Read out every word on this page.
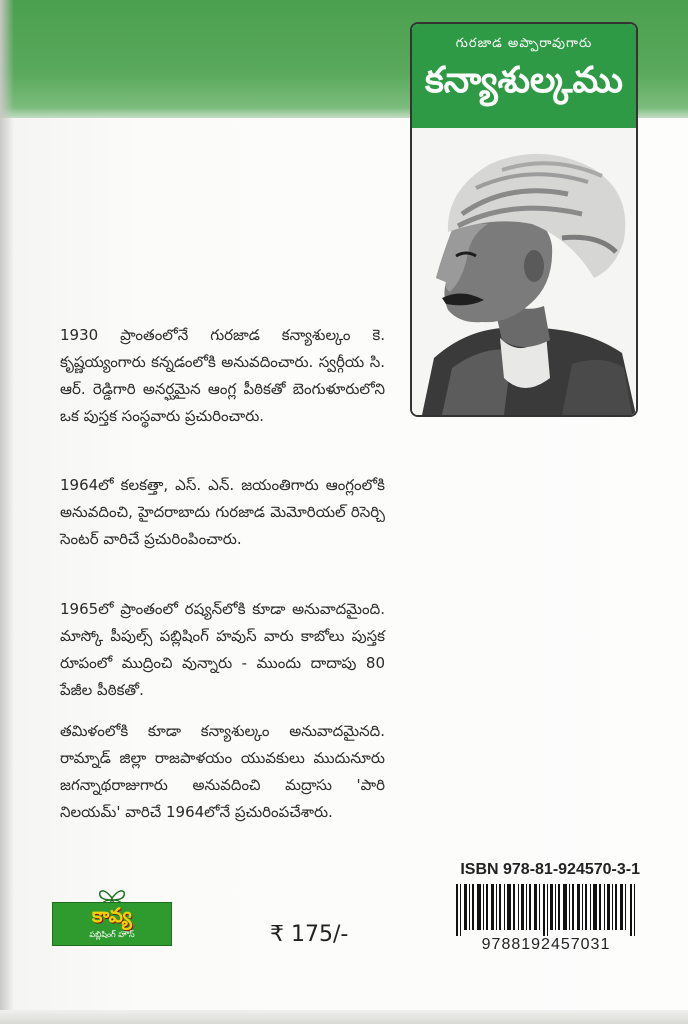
గురజాడ అప్పారావుగారు
కన్యాశుల్కము
1930 ప్రాంతంలోనే గురజాడ కన్యాశుల్కం కె. కృష్ణయ్యంగారు కన్నడంలోకి అనువదించారు. స్వర్గీయ సి. ఆర్. రెడ్డిగారి అనర్ఘమైన ఆంగ్ల పీఠికతో బెంగుళూరులోని ఒక పుస్తక సంస్థవారు ప్రచురించారు.
1964లో కలకత్తా, ఎస్. ఎన్. జయంతిగారు ఆంగ్లంలోకి అనువదించి, హైదరాబాదు గురజాడ మెమోరియల్ రిసెర్చి సెంటర్ వారిచే ప్రచురింపించారు.
1965లో ప్రాంతంలో రష్యన్‌లోకి కూడా అనువాదమైంది. మాస్కో పీపుల్స్ పబ్లిషింగ్ హవుస్ వారు కాబోలు పుస్తక రూపంలో ముద్రించి వున్నారు - ముందు దాదాపు 80 పేజీల పీఠికతో.
తమిళంలోకి కూడా కన్యాశుల్కం అనువాదమైనది. రామ్నాడ్ జిల్లా రాజపాళయం యువకులు ముదునూరు జగన్నాథరాజుగారు అనువదించి మద్రాసు 'పారి నిలయమ్' వారిచే 1964లోనే ప్రచురింపచేశారు.
ISBN 978-81-924570-3-1
9788192457031
కావ్య
పబ్లిషింగ్ హౌస్	₹ 175/-
